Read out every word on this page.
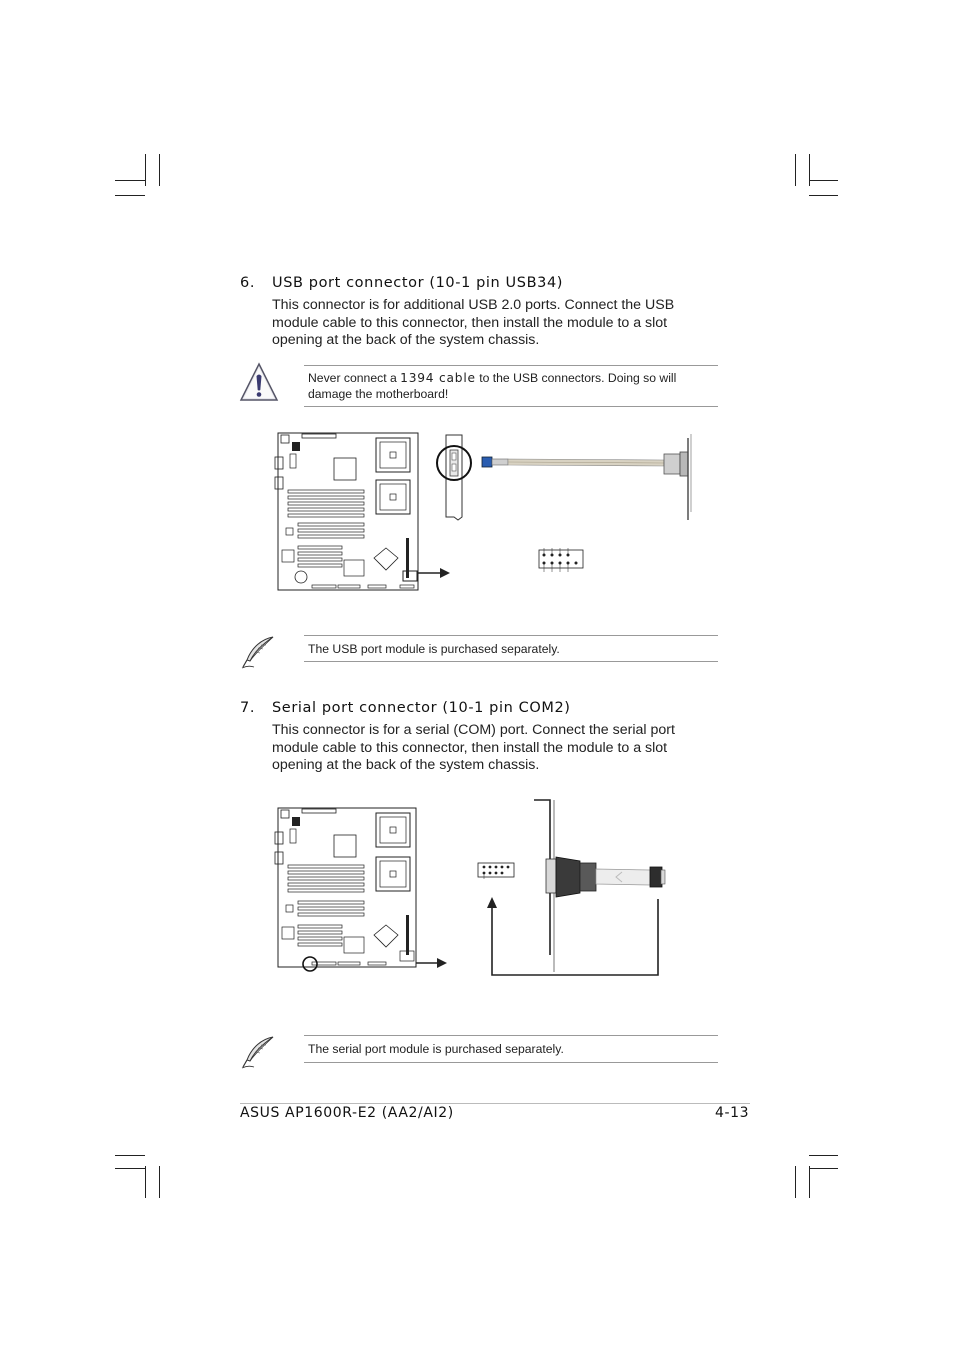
6. USB port connector (10-1 pin USB34)
This connector is for additional USB 2.0 ports. Connect the USB module cable to this connector, then install the module to a slot opening at the back of the system chassis.
Never connect a 1394 cable to the USB connectors. Doing so will damage the motherboard!
The USB port module is purchased separately.
7. Serial port connector (10-1 pin COM2)
This connector is for a serial (COM) port. Connect the serial port module cable to this connector, then install the module to a slot opening at the back of the system chassis.
The serial port module is purchased separately.
ASUS AP1600R-E2 (AA2/AI2)	4-13
